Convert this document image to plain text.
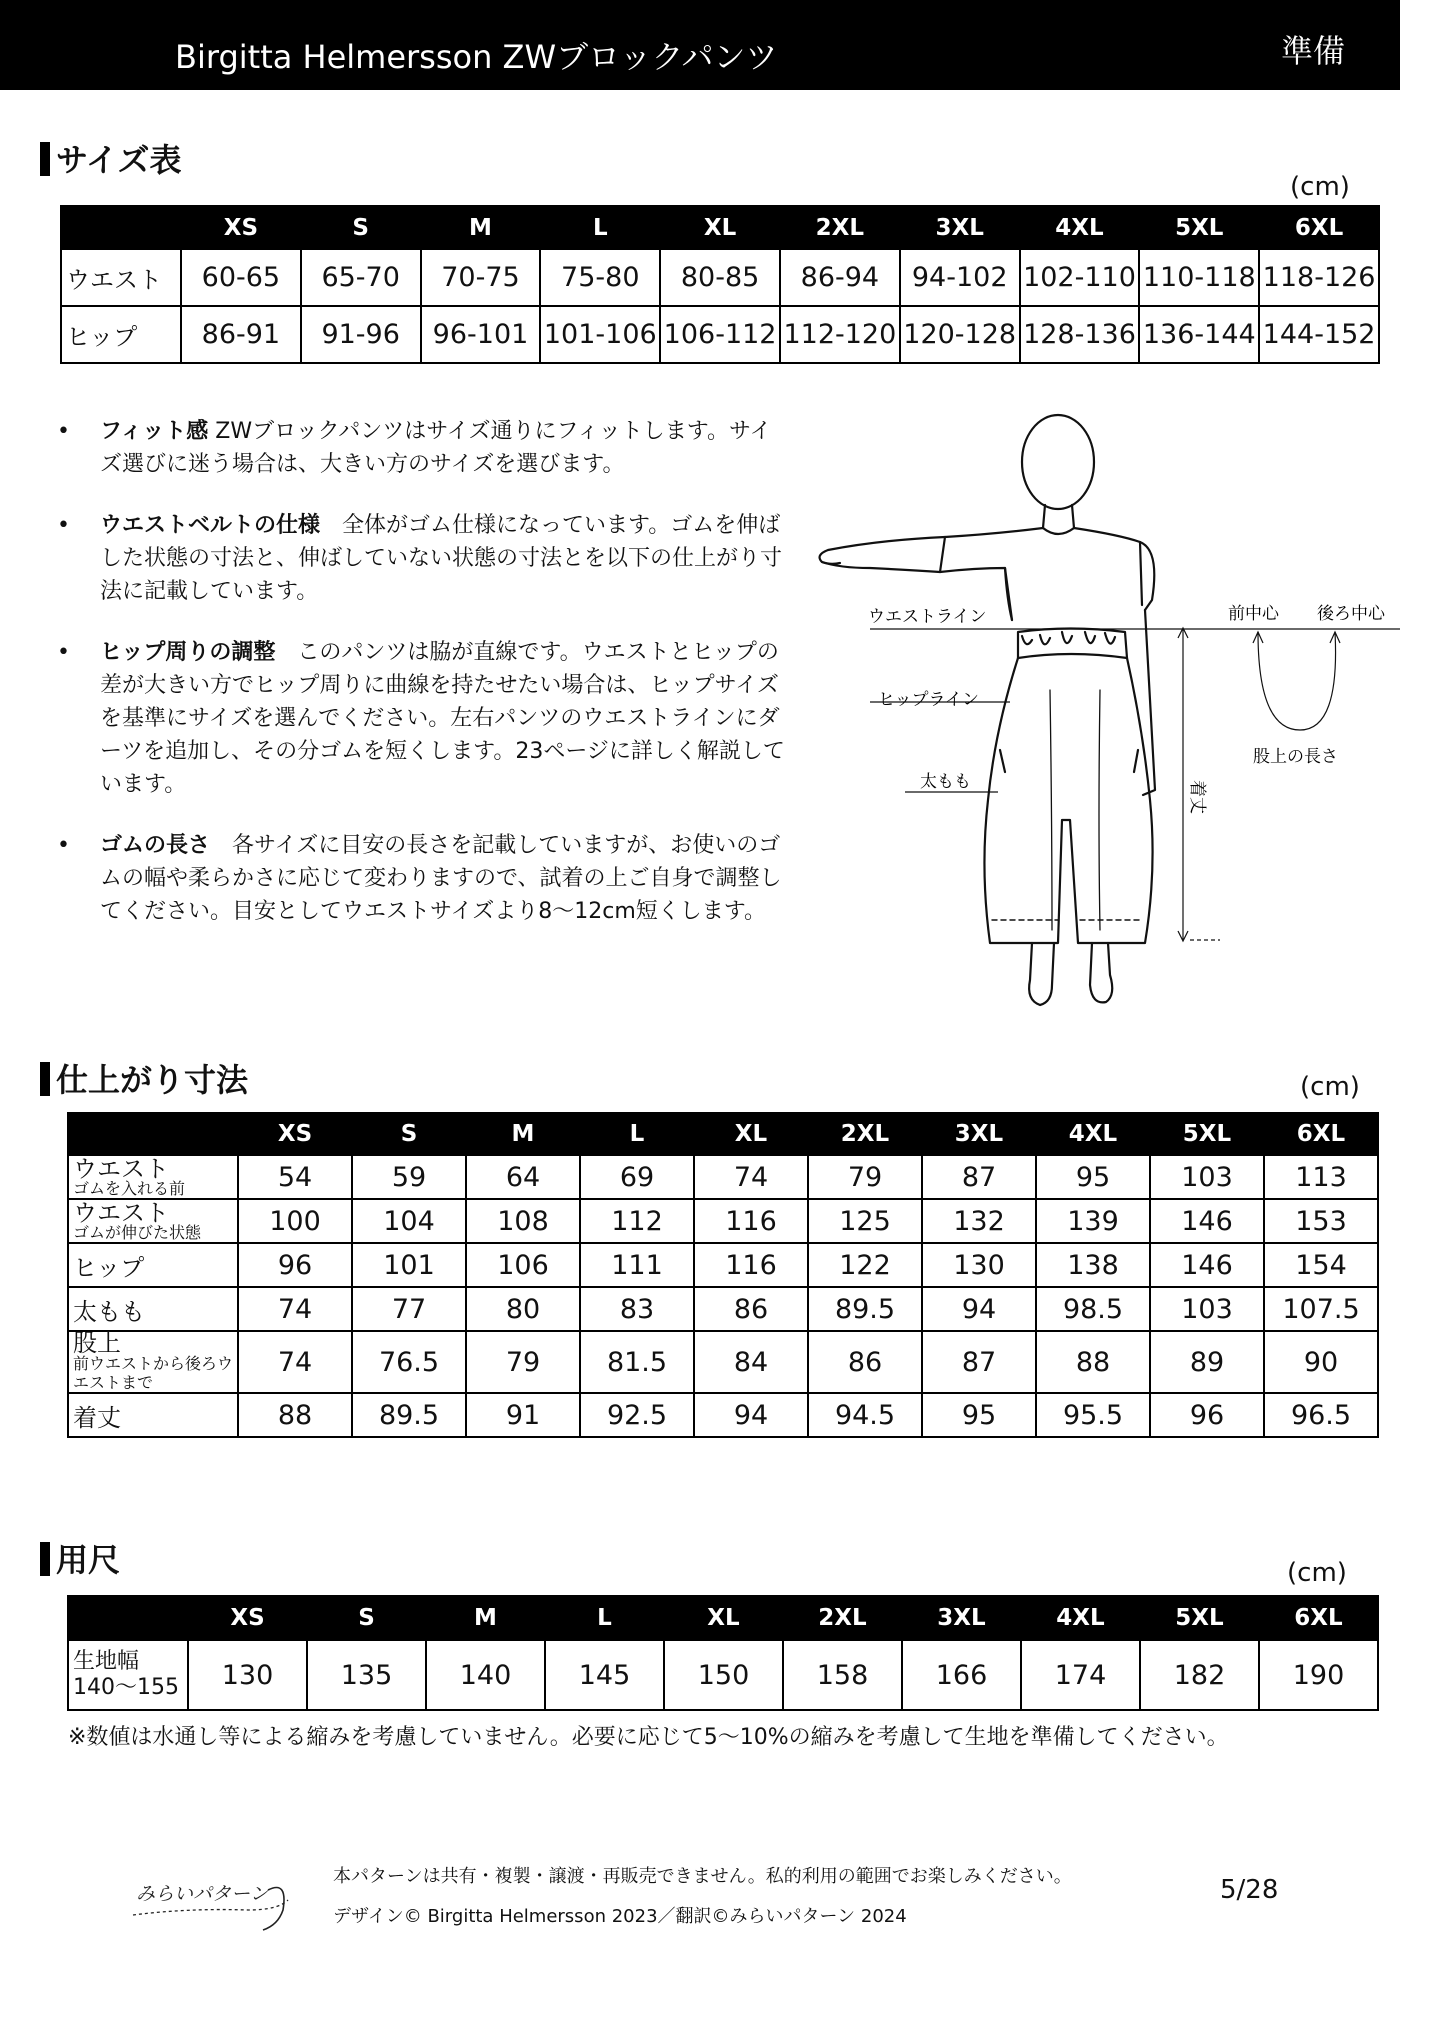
Birgitta Helmersson ZWブロックパンツ	準備
サイズ表
(cm)
	XS	S	M	L	XL	2XL	3XL	4XL	5XL	6XL
ウエスト	60-65	65-70	70-75	75-80	80-85	86-94	94-102	102-110	110-118	118-126
ヒップ	86-91	91-96	96-101	101-106	106-112	112-120	120-128	128-136	136-144	144-152
• フィット感 ZWブロックパンツはサイズ通りにフィットします。サイズ選びに迷う場合は、大きい方のサイズを選びます。
• ウエストベルトの仕様　全体がゴム仕様になっています。ゴムを伸ばした状態の寸法と、伸ばしていない状態の寸法とを以下の仕上がり寸法に記載しています。
• ヒップ周りの調整　このパンツは脇が直線です。ウエストとヒップの差が大きい方でヒップ周りに曲線を持たせたい場合は、ヒップサイズを基準にサイズを選んでください。左右パンツのウエストラインにダーツを追加し、その分ゴムを短くします。23ページに詳しく解説しています。
• ゴムの長さ　各サイズに目安の長さを記載していますが、お使いのゴムの幅や柔らかさに応じて変わりますので、試着の上ご自身で調整してください。目安としてウエストサイズより8〜12cm短くします。
ウエストライン
ヒップライン
太もも	着丈
前中心 後ろ中心
股上の長さ
仕上がり寸法	(cm)
	XS	S	M	L	XL	2XL	3XL	4XL	5XL	6XL

ウエスト
ゴムを入れる前	54	59	64	69	74	79	87	95	103	113

ウエスト
ゴムが伸びた状態	100	104	108	112	116	125	132	139	146	153
ヒップ	96	101	106	111	116	122	130	138	146	154
太もも	74	77	80	83	86	89.5	94	98.5	103	107.5

股上
前ウエストから後ろウエストまで	74	76.5	79	81.5	84	86	87	88	89	90
着丈	88	89.5	91	92.5	94	94.5	95	95.5	96	96.5
用尺	(cm)
	XS	S	M	L	XL	2XL	3XL	4XL	5XL	6XL

生地幅
140〜155	130	135	140	145	150	158	166	174	182	190
※数値は水通し等による縮みを考慮していません。必要に応じて5〜10%の縮みを考慮して生地を準備してください。
みらいパターン
本パターンは共有・複製・譲渡・再販売できません。私的利用の範囲でお楽しみください。
デザイン© Birgitta Helmersson 2023／翻訳©みらいパターン 2024
5/28
